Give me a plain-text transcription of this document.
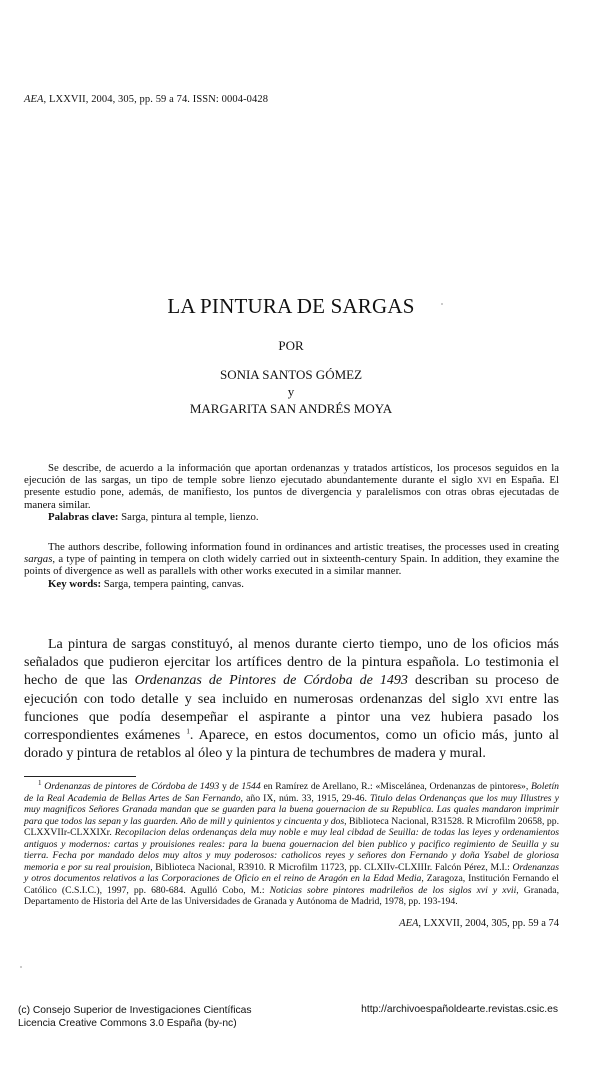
AEA, LXXVII, 2004, 305, pp. 59 a 74. ISSN: 0004-0428
LA PINTURA DE SARGAS
POR
SONIA SANTOS GÓMEZ
y
MARGARITA SAN ANDRÉS MOYA

Se describe, de acuerdo a la información que aportan ordenanzas y tratados artísticos, los procesos seguidos en la ejecución de las sargas, un tipo de temple sobre lienzo ejecutado abundantemente durante el siglo xvi en España. El presente estudio pone, además, de manifiesto, los puntos de divergencia y paralelismos con otras obras ejecutadas de manera similar.

Palabras clave: Sarga, pintura al temple, lienzo.

The authors describe, following information found in ordinances and artistic treatises, the processes used in creating sargas, a type of painting in tempera on cloth widely carried out in sixteenth-century Spain. In addition, they examine the points of divergence as well as parallels with other works executed in a similar manner.

Key words: Sarga, tempera painting, canvas.

La pintura de sargas constituyó, al menos durante cierto tiempo, uno de los oficios más señalados que pudieron ejercitar los artífices dentro de la pintura española. Lo testimonia el hecho de que las Ordenanzas de Pintores de Córdoba de 1493 describan su proceso de ejecución con todo detalle y sea incluido en numerosas ordenanzas del siglo xvi entre las funciones que podía desempeñar el aspirante a pintor una vez hubiera pasado los correspondientes exámenes $^1$. Aparece, en estos documentos, como un oficio más, junto al dorado y pintura de retablos al óleo y la pintura de techumbres de madera y mural.

$^1$ Ordenanzas de pintores de Córdoba de 1493 y de 1544 en Ramírez de Arellano, R.: «Miscelánea, Ordenanzas de pintores», Boletín de la Real Academia de Bellas Artes de San Fernando, año IX, núm. 33, 1915, 29-46. Titulo delas Ordenanças que los muy Illustres y muy magnificos Señores Granada mandan que se guarden para la buena gouernacion de su Republica. Las quales mandaron imprimir para que todos las sepan y las guarden. Año de mill y quinientos y cincuenta y dos, Biblioteca Nacional, R31528. R Microfilm 20658, pp. CLXXVIIr-CLXXIXr. Recopilacion delas ordenanças dela muy noble e muy leal cibdad de Seuilla: de todas las leyes y ordenamientos antiguos y modernos: cartas y prouisiones reales: para la buena gouernacion del bien publico y pacifico regimiento de Seuilla y su tierra. Fecha por mandado delos muy altos y muy poderosos: catholicos reyes y señores don Fernando y doña Ysabel de gloriosa memoria e por su real prouision, Biblioteca Nacional, R3910. R Microfilm 11723, pp. CLXIIv-CLXIIIr. Falcón Pérez, M.I.: Ordenanzas y otros documentos relativos a las Corporaciones de Oficio en el reino de Aragón en la Edad Media, Zaragoza, Institución Fernando el Católico (C.S.I.C.), 1997, pp. 680-684. Agulló Cobo, M.: Noticias sobre pintores madrileños de los siglos xvi y xvii, Granada, Departamento de Historia del Arte de las Universidades de Granada y Autónoma de Madrid, 1978, pp. 193-194.

AEA, LXXVII, 2004, 305, pp. 59 a 74
(c) Consejo Superior de Investigaciones Científicas
Licencia Creative Commons 3.0 España (by-nc)
http://archivoespañoldearte.revistas.csic.es
